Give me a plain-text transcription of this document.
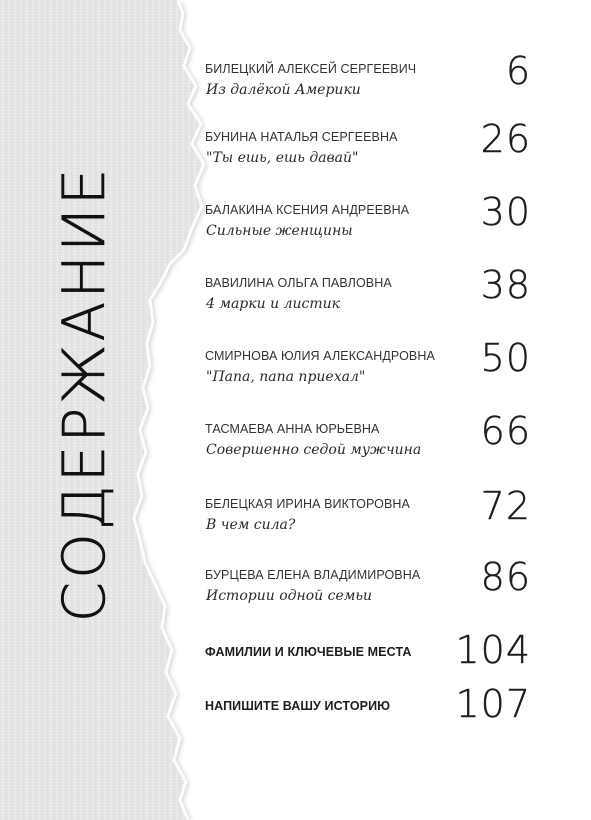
СОДЕРЖАНИЕ
БИЛЕЦКИЙ АЛЕКСЕЙ СЕРГЕЕВИЧ
Из далёкой Америки	6
БУНИНА НАТАЛЬЯ СЕРГЕЕВНА
"Ты ешь, ешь давай"	26
БАЛАКИНА КСЕНИЯ АНДРЕЕВНА
Сильные женщины	30
ВАВИЛИНА ОЛЬГА ПАВЛОВНА
4 марки и листик	38
СМИРНОВА ЮЛИЯ АЛЕКСАНДРОВНА
"Папа, папа приехал"	50
ТАСМАЕВА АННА ЮРЬЕВНА
Совершенно седой мужчина 66
БЕЛЕЦКАЯ ИРИНА ВИКТОРОВНА
В чем сила?	72
БУРЦЕВА ЕЛЕНА ВЛАДИМИРОВНА
Истории одной семьи	86
ФАМИЛИИ И КЛЮЧЕВЫЕ МЕСТА 104
НАПИШИТЕ ВАШУ ИСТОРИЮ 107
